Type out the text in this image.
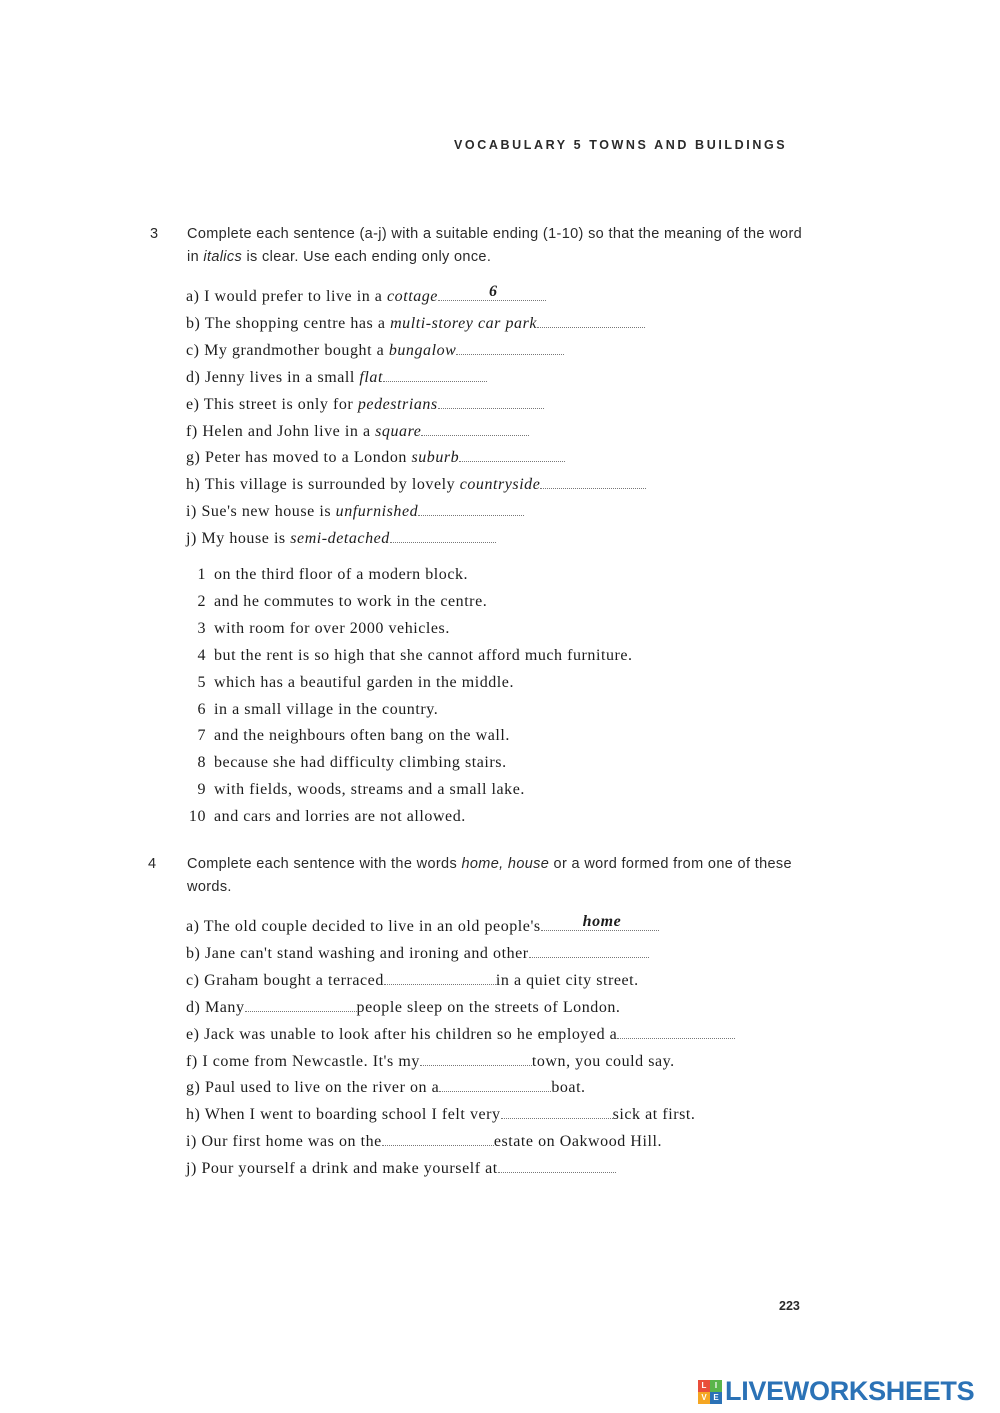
VOCABULARY 5 TOWNS AND BUILDINGS
3 Complete each sentence (a-j) with a suitable ending (1-10) so that the meaning of the word in italics is clear. Use each ending only once.
a) I would prefer to live in a cottage	6
b) The shopping centre has a multi-storey car park
c) My grandmother bought a bungalow
d) Jenny lives in a small flat
e) This street is only for pedestrians
f) Helen and John live in a square
g) Peter has moved to a London suburb
h) This village is surrounded by lovely countryside
i) Sue's new house is unfurnished
j) My house is semi-detached
1 on the third floor of a modern block.
2 and he commutes to work in the centre.
3 with room for over 2000 vehicles.
4 but the rent is so high that she cannot afford much furniture.
5 which has a beautiful garden in the middle.
6 in a small village in the country.
7 and the neighbours often bang on the wall.
8 because she had difficulty climbing stairs.
9 with fields, woods, streams and a small lake.
10 and cars and lorries are not allowed.
4 Complete each sentence with the words home, house or a word formed from one of these words.
a) The old couple decided to live in an old people's	home
b) Jane can't stand washing and ironing and other
c) Graham bought a terraced	in a quiet city street.
d) Many	people sleep on the streets of London.
e) Jack was unable to look after his children so he employed a
f) I come from Newcastle. It's my	town, you could say.
g) Paul used to live on the river on a	boat.
h) When I went to boarding school I felt very	sick at first.
i) Our first home was on the	estate on Oakwood Hill.
j) Pour yourself a drink and make yourself at
223
L	I
V E LIVEWORKSHEETS
